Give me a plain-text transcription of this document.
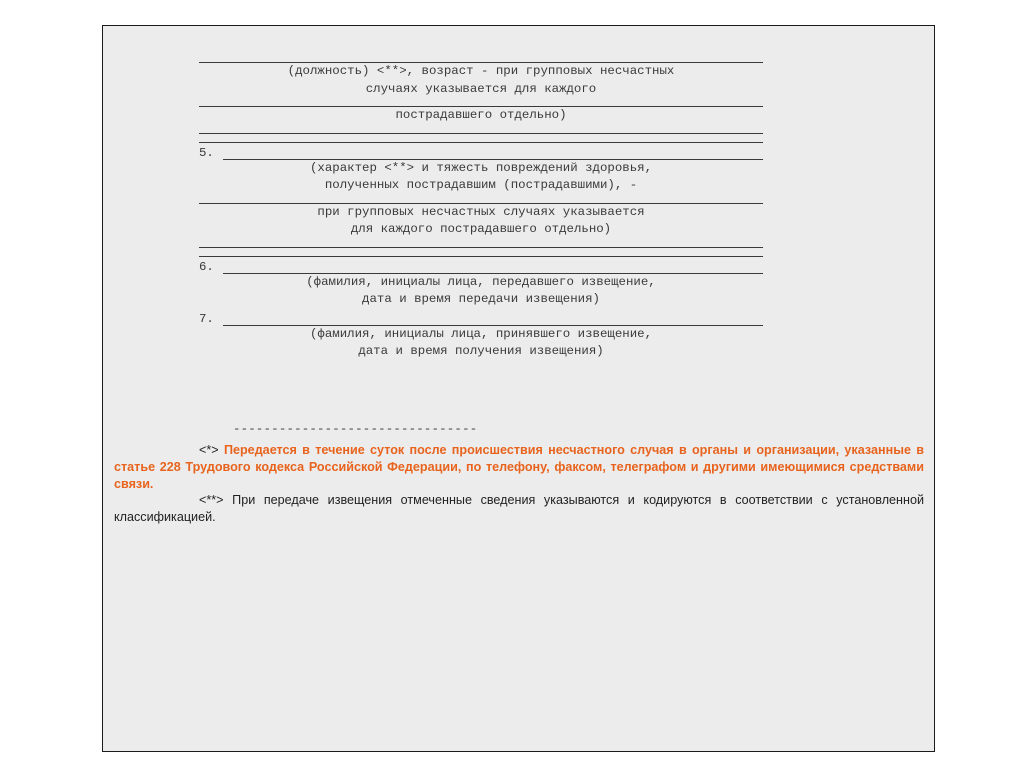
(должность) <**>, возраст - при групповых несчастных
случаях указывается для каждого
пострадавшего отдельно)
5.
(характер <**> и тяжесть повреждений здоровья,
полученных пострадавшим (пострадавшими), -
при групповых несчастных случаях указывается
для каждого пострадавшего отдельно)
6.
(фамилия, инициалы лица, передавшего извещение,
дата и время передачи извещения)
7.
(фамилия, инициалы лица, принявшего извещение,
дата и время получения извещения)
--------------------------------
<*> Передается в течение суток после происшествия несчастного случая в органы и организации, указанные в статье 228 Трудового кодекса Российской Федерации, по телефону, факсом, телеграфом и другими имеющимися средствами связи.
<**> При передаче извещения отмеченные сведения указываются и кодируются в соответствии с установленной классификацией.
